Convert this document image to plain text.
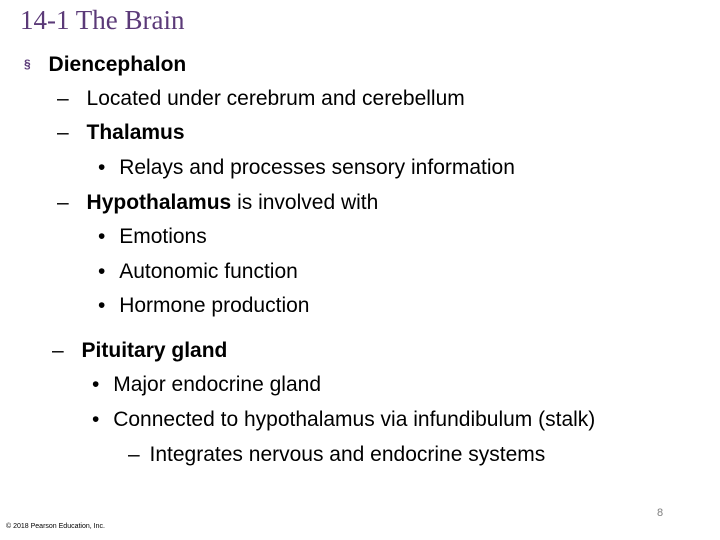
14-1 The Brain
§ Diencephalon
– Located under cerebrum and cerebellum
– Thalamus
• Relays and processes sensory information
– Hypothalamus is involved with
• Emotions
• Autonomic function
• Hormone production
– Pituitary gland
• Major endocrine gland
• Connected to hypothalamus via infundibulum (stalk)
– Integrates nervous and endocrine systems
8
© 2018 Pearson Education, Inc.
